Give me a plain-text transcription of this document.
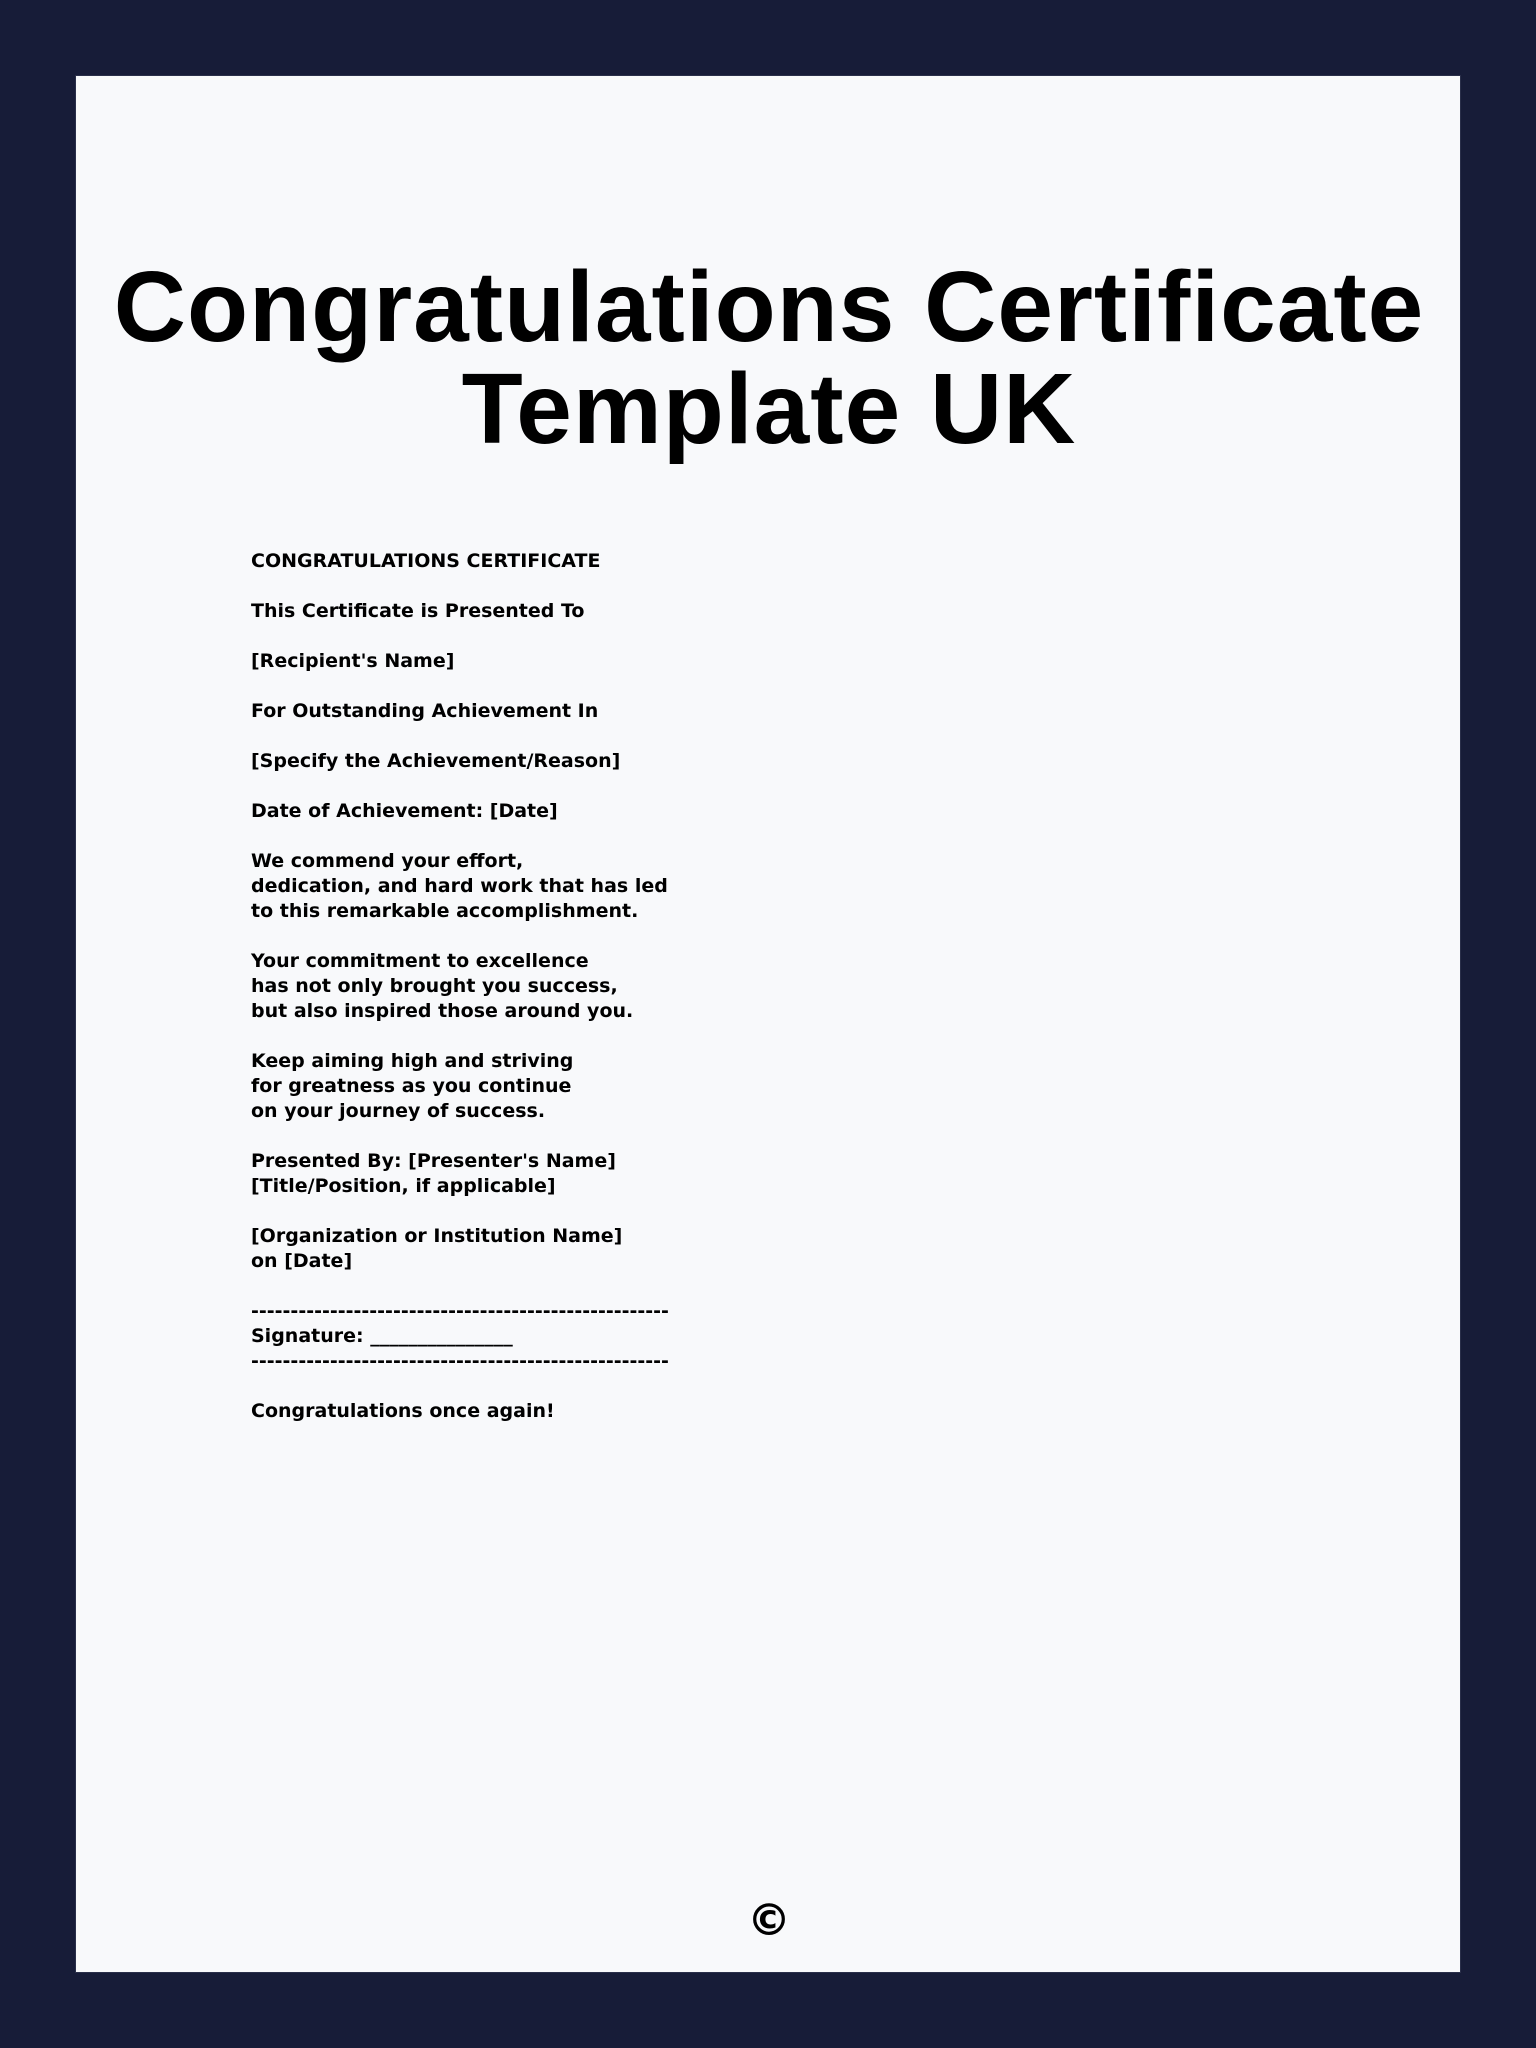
Congratulations Certificate
Template UK

CONGRATULATIONS CERTIFICATE

This Certificate is Presented To

[Recipient's Name]

For Outstanding Achievement In

[Specify the Achievement/Reason]

Date of Achievement: [Date]

We commend your effort,
dedication, and hard work that has led
to this remarkable accomplishment.

Your commitment to excellence
has not only brought you success,
but also inspired those around you.

Keep aiming high and striving
for greatness as you continue
on your journey of success.

Presented By: [Presenter's Name]
[Title/Position, if applicable]

[Organization or Institution Name]
on [Date]

-----------------------------------------------------

Signature: _______________

-----------------------------------------------------

Congratulations once again!

©
